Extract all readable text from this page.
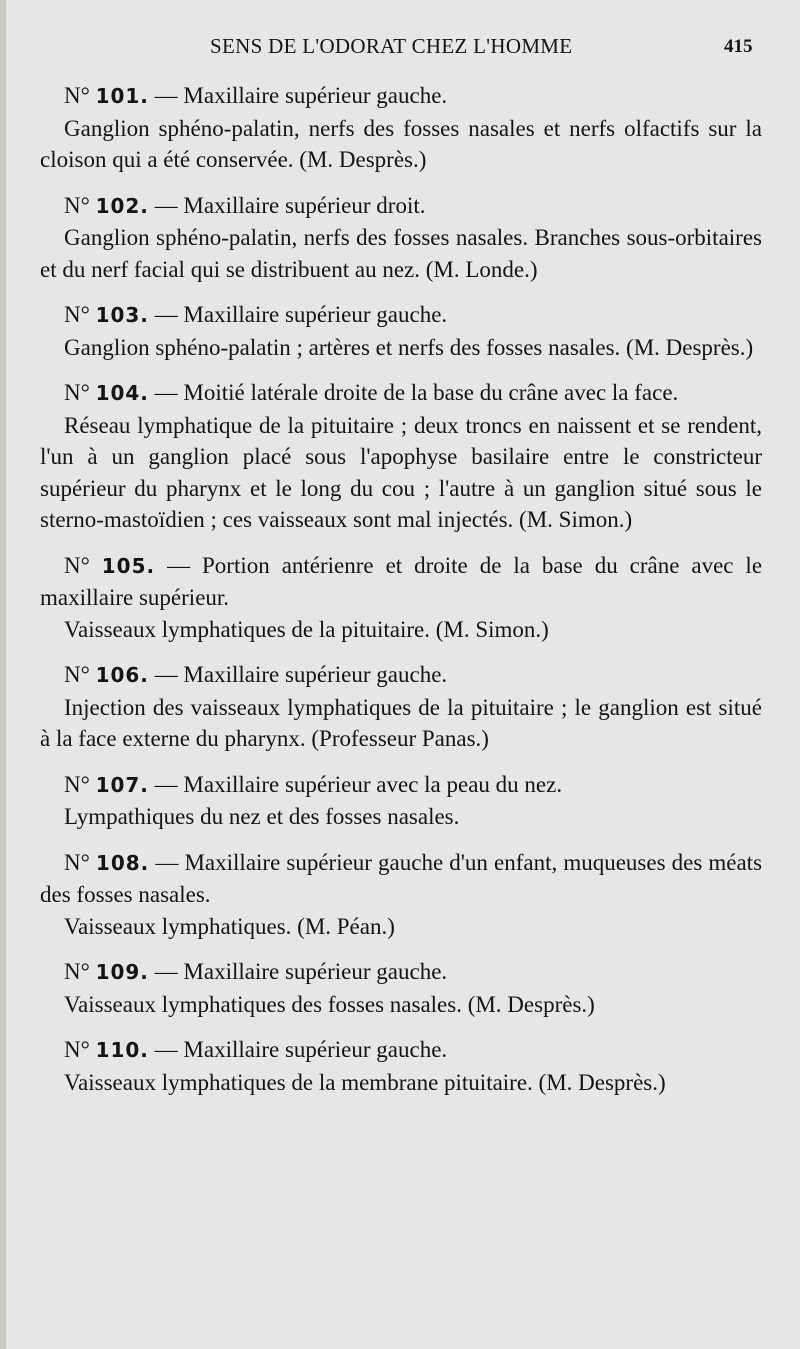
SENS DE L'ODORAT CHEZ L'HOMME	415

N° 101. — Maxillaire supérieur gauche.

Ganglion sphéno-palatin, nerfs des fosses nasales et nerfs olfactifs sur la cloison qui a été conservée. (M. Desprès.)

N° 102. — Maxillaire supérieur droit.

Ganglion sphéno-palatin, nerfs des fosses nasales. Branches sous-orbitaires et du nerf facial qui se distribuent au nez. (M. Londe.)

N° 103. — Maxillaire supérieur gauche.

Ganglion sphéno-palatin ; artères et nerfs des fosses nasales. (M. Desprès.)

N° 104. — Moitié latérale droite de la base du crâne avec la face.

Réseau lymphatique de la pituitaire ; deux troncs en naissent et se rendent, l'un à un ganglion placé sous l'apophyse basilaire entre le constricteur supérieur du pharynx et le long du cou ; l'autre à un ganglion situé sous le sterno-mastoïdien ; ces vaisseaux sont mal injectés. (M. Simon.)

N° 105. — Portion antérienre et droite de la base du crâne avec le maxillaire supérieur.

Vaisseaux lymphatiques de la pituitaire. (M. Simon.)

N° 106. — Maxillaire supérieur gauche.

Injection des vaisseaux lymphatiques de la pituitaire ; le ganglion est situé à la face externe du pharynx. (Professeur Panas.)

N° 107. — Maxillaire supérieur avec la peau du nez.

Lympathiques du nez et des fosses nasales.

N° 108. — Maxillaire supérieur gauche d'un enfant, muqueuses des méats des fosses nasales.

Vaisseaux lymphatiques. (M. Péan.)

N° 109. — Maxillaire supérieur gauche.

Vaisseaux lymphatiques des fosses nasales. (M. Desprès.)

N° 110. — Maxillaire supérieur gauche.

Vaisseaux lymphatiques de la membrane pituitaire. (M. Desprès.)
